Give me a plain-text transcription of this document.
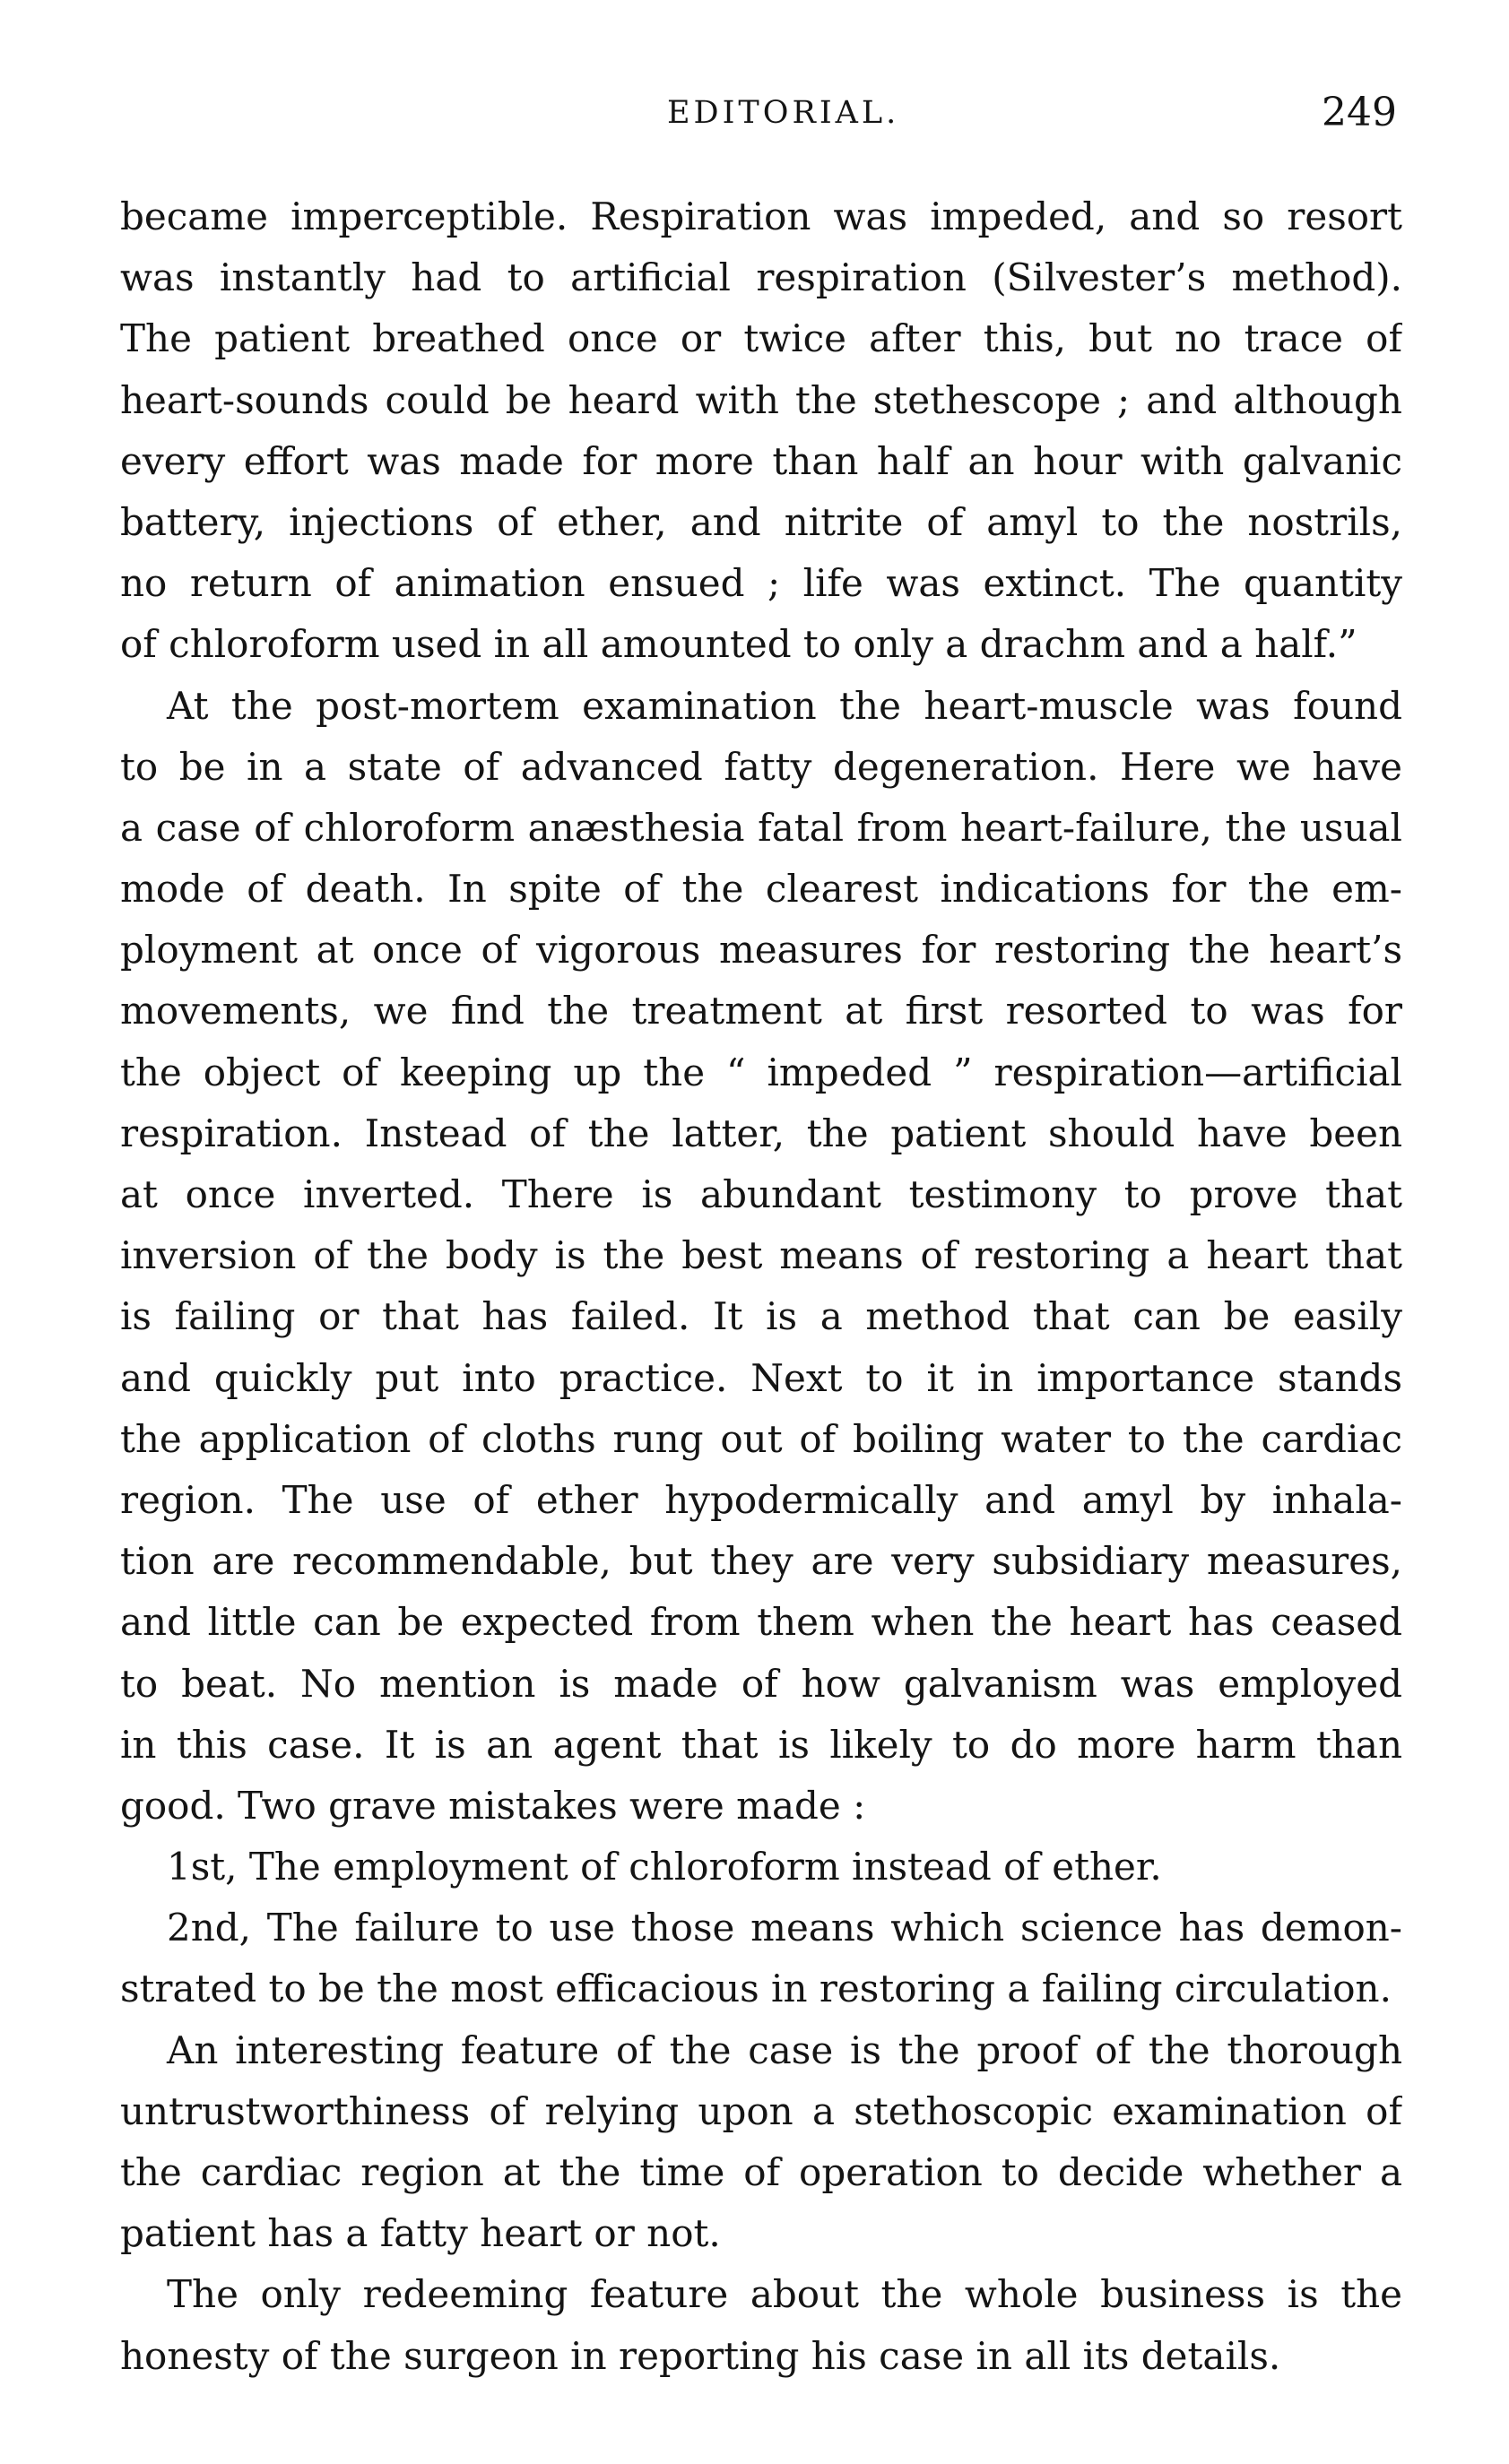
EDITORIAL.	249
became imperceptible. Respiration was impeded, and so resort
was instantly had to artificial respiration (Silvester’s method).
The patient breathed once or twice after this, but no trace of
heart-sounds could be heard with the stethescope ; and although
every effort was made for more than half an hour with galvanic
battery, injections of ether, and nitrite of amyl to the nostrils,
no return of animation ensued ; life was extinct. The quantity
of chloroform used in all amounted to only a drachm and a half.”
At the post-mortem examination the heart-muscle was found
to be in a state of advanced fatty degeneration. Here we have
a case of chloroform anæsthesia fatal from heart-failure, the usual
mode of death. In spite of the clearest indications for the em-
ployment at once of vigorous measures for restoring the heart’s
movements, we find the treatment at first resorted to was for
the object of keeping up the “ impeded ” respiration—artificial
respiration. Instead of the latter, the patient should have been
at once inverted. There is abundant testimony to prove that
inversion of the body is the best means of restoring a heart that
is failing or that has failed. It is a method that can be easily
and quickly put into practice. Next to it in importance stands
the application of cloths rung out of boiling water to the cardiac
region. The use of ether hypodermically and amyl by inhala-
tion are recommendable, but they are very subsidiary measures,
and little can be expected from them when the heart has ceased
to beat. No mention is made of how galvanism was employed
in this case. It is an agent that is likely to do more harm than
good. Two grave mistakes were made :
1st, The employment of chloroform instead of ether.
2nd, The failure to use those means which science has demon-
strated to be the most efficacious in restoring a failing circulation.
An interesting feature of the case is the proof of the thorough
untrustworthiness of relying upon a stethoscopic examination of
the cardiac region at the time of operation to decide whether a
patient has a fatty heart or not.
The only redeeming feature about the whole business is the
honesty of the surgeon in reporting his case in all its details.
